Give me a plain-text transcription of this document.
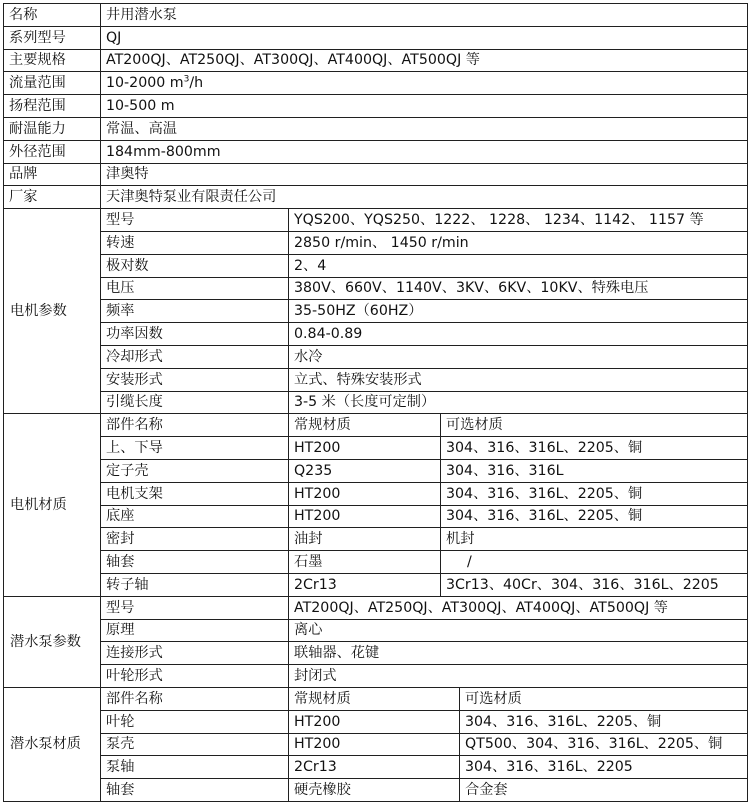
名称	井用潜水泵			
系列型号	QJ			
主要规格	AT200QJ、AT250QJ、AT300QJ、AT400QJ、AT500QJ 等			
流量范围	10-2000 $m^3/h$			
扬程范围	10-500 m			
耐温能力	常温、高温			
外径范围	184mm-800mm			
品牌	津奥特			
厂家	天津奥特泵业有限责任公司			
电机参数	型号	YQS200、YQS250、1222、 1228、 1234、1142、 1157 等		
	转速	2850 r/min、 1450 r/min		
	极对数	2、4		
	电压	380V、660V、1140V、3KV、6KV、10KV、特殊电压		
	频率	35-50HZ（60HZ）		
	功率因数	0.84-0.89		
	冷却形式	水冷		
	安装形式	立式、特殊安装形式		
	引缆长度	3-5 米（长度可定制）		
电机材质	部件名称	常规材质	可选材质	
	上、下导	HT200	304、316、316L、2205、铜	
	定子壳	Q235	304、316、316L	
	电机支架	HT200	304、316、316L、2205、铜	
	底座	HT200	304、316、316L、2205、铜	
	密封	油封	机封	
	轴套	石墨	/	
	转子轴	2Cr13	3Cr13、40Cr、304、316、316L、2205	
潜水泵参数	型号	AT200QJ、AT250QJ、AT300QJ、AT400QJ、AT500QJ 等		
	原理	离心		
	连接形式	联轴器、花键		
	叶轮形式	封闭式		
潜水泵材质	部件名称	常规材质		可选材质
	叶轮	HT200		304、316、316L、2205、铜
	泵壳	HT200		QT500、304、316、316L、2205、铜
	泵轴	2Cr13		304、316、316L、2205
	轴套	硬壳橡胶		合金套
